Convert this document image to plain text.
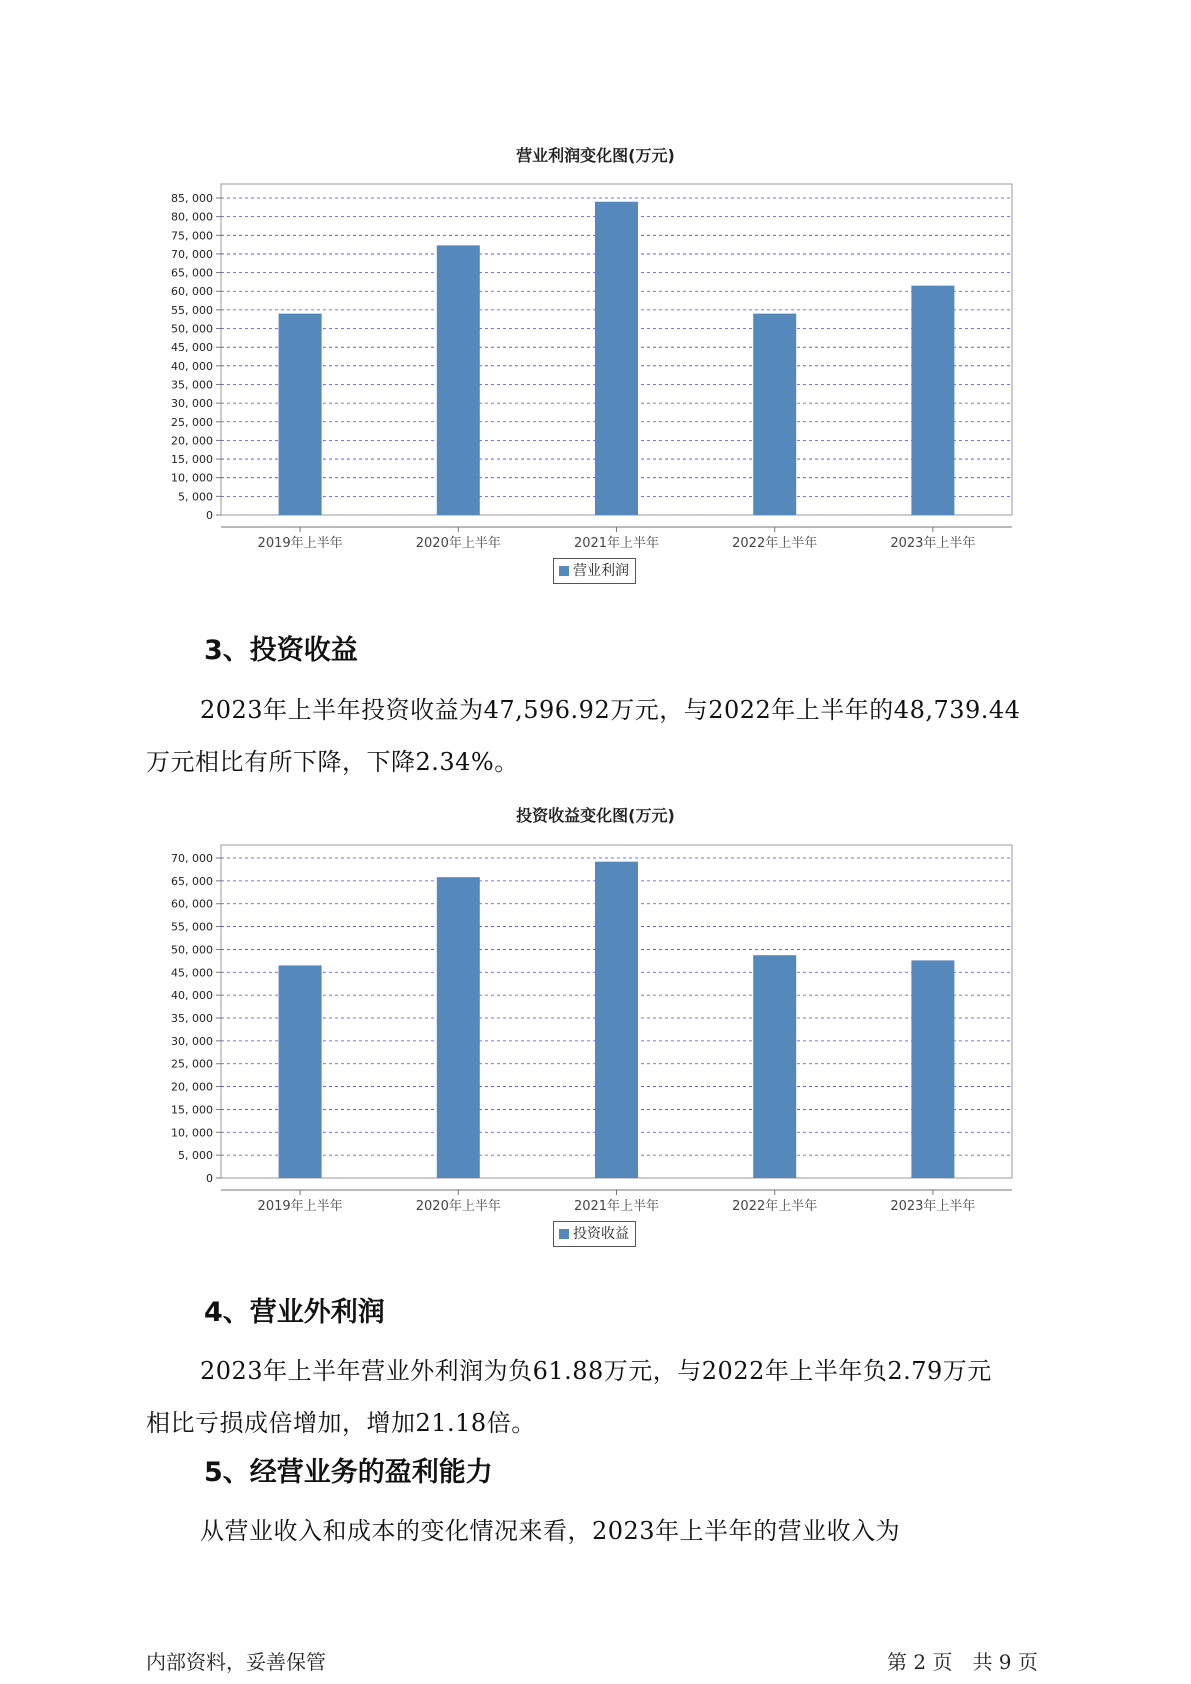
营业利润变化图(万元)
0
5, 000
10, 000
15, 000
20, 000
25, 000
30, 000
35, 000
40, 000
45, 000
50, 000
55, 000
60, 000
65, 000
70, 000
75, 000
80, 000
85, 000
2019年上半年	2020年上半年	2021年上半年	2022年上半年	2023年上半年
营业利润
3、投资收益
2023年上半年投资收益为47,596.92万元，与2022年上半年的48,739.44
万元相比有所下降，下降2.34%。
投资收益变化图(万元)
0
5, 000
10, 000
15, 000
20, 000
25, 000
30, 000
35, 000
40, 000
45, 000
50, 000
55, 000
60, 000
65, 000
70, 000
2019年上半年	2020年上半年	2021年上半年	2022年上半年	2023年上半年
投资收益
4、营业外利润
2023年上半年营业外利润为负61.88万元，与2022年上半年负2.79万元
相比亏损成倍增加，增加21.18倍。
5、经营业务的盈利能力
从营业收入和成本的变化情况来看，2023年上半年的营业收入为
内部资料，妥善保管	第 2 页　共 9 页
